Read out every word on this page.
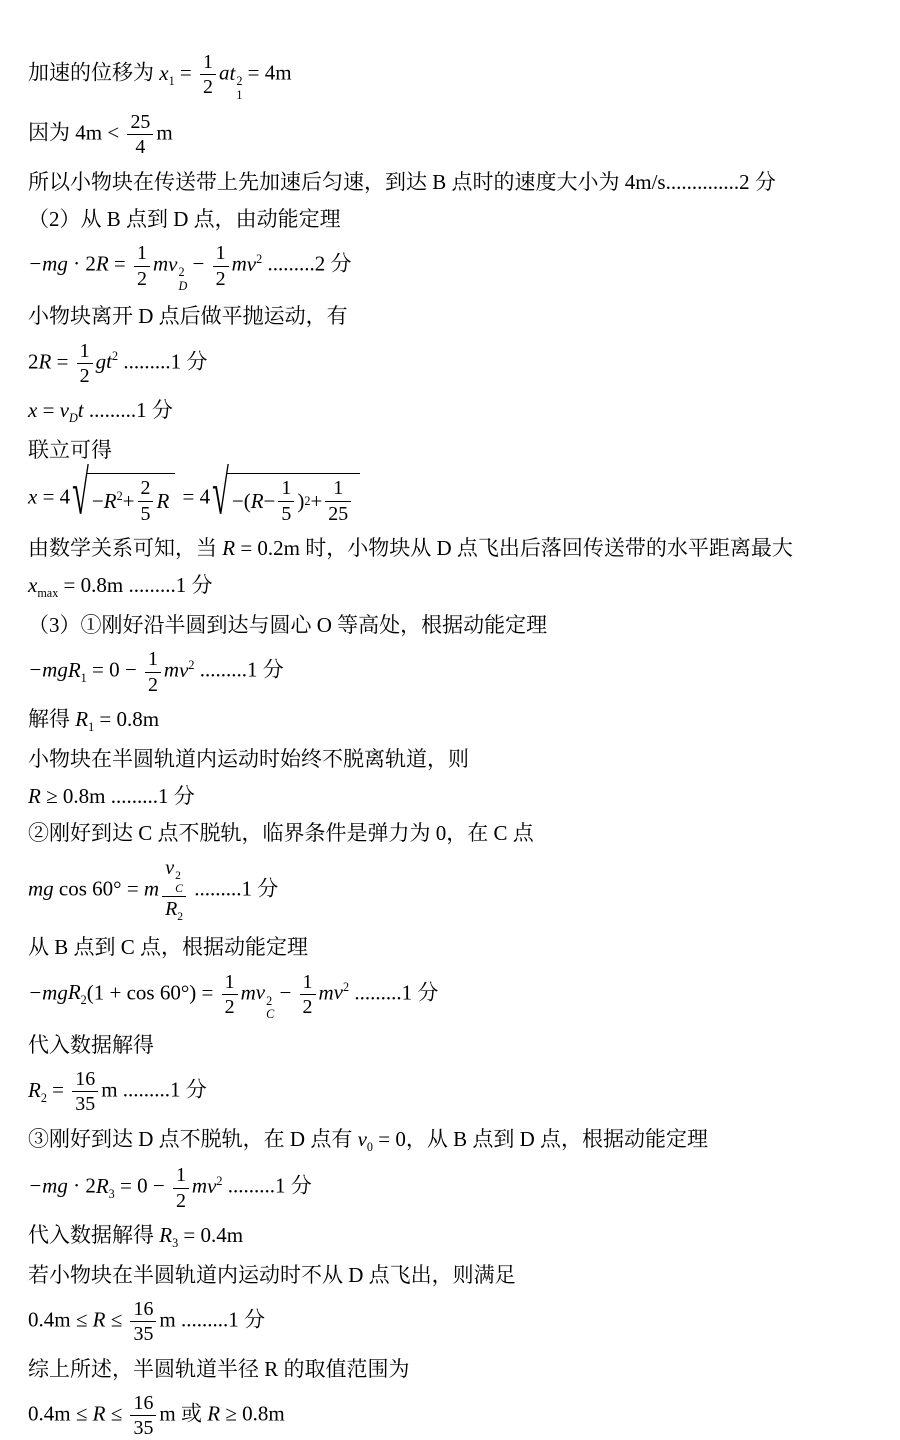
加速的位移为 $x_1 = \frac{1}{2}$ at 2
1
= 4m
因为 $4m < \frac{25}{4}$ m
所以小物块在传送带上先加速后匀速，到达 B 点时的速度大小为 4m/s..............2 分
（2）从 B 点到 D 点，由动能定理
$-mg \cdot 2R = \frac{1}{2}$ mv 2
D
− $\frac{1}{2} mv^2$ .........2 分
小物块离开 D 点后做平抛运动，有
$2R = \frac{1}{2} gt^2$ .........1 分
$x = v_Dt$ .........1 分
联立可得
x = 4 √ − $R^2 + \frac{2}{5}$ R = 4 √ −( $R - \frac{1}{5}$ ) $2 + \frac{1}{25}$
由数学关系可知，当 R = 0.2m 时，小物块从 D 点飞出后落回传送带的水平距离最大
$x_{max} = 0.8m$ .........1 分
（3）①刚好沿半圆到达与圆心 O 等高处，根据动能定理
$-mgR_1 = 0 - \frac{1}{2} mv^2$ .........1 分
解得 $R_1 = 0.8m$
小物块在半圆轨道内运动时始终不脱离轨道，则
R ≥ 0.8m .........1 分
②刚好到达 C 点不脱轨，临界条件是弹力为 0，在 C 点
mg cos 60° = m v 2
C
$R_2$ .........1 分
从 B 点到 C 点，根据动能定理
$-mgR_2(1 + \cos 60^\circ) = \frac{1}{2}$ mv 2
C
− $\frac{1}{2} mv^2$ .........1 分
代入数据解得
$R_2 = \frac{16}{35}$ m .........1 分
③刚好到达 D 点不脱轨，在 D 点有 $v_0 = 0$，从 B 点到 D 点，根据动能定理
$-mg \cdot 2R_3 = 0 - \frac{1}{2} mv^2$ .........1 分
代入数据解得 $R_3 = 0.4m$
若小物块在半圆轨道内运动时不从 D 点飞出，则满足
$0.4m \le R \le \frac{16}{35}$ m .........1 分
综上所述，半圆轨道半径 R 的取值范围为
$0.4m \le R \le \frac{16}{35}$ m 或 R ≥ 0.8m
